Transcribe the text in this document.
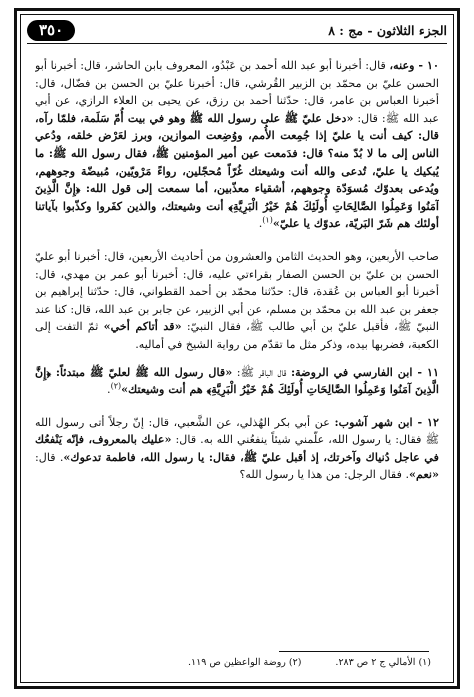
٣٥٠	الجزء الثلاثون - مج : ٨

١٠ - وعنه، قال: أخبرنا أبو عبد الله أحمد بن عَبْدُو، المعروف بابن الحاشر، قال: أخبرنا أبو الحسن عليّ بن محمّد بن الزبير القُرشي، قال: أخبرنا عليّ بن الحسن بن فضّال، قال: أخبرنا العباس بن عامر، قال: حدّثنا أحمد بن رزق، عن يحيى بن العلاء الرازي، عن أبي عبد الله ﷺ: قال: «دخل عليّ ﷺ على رسول الله ﷺ وهو في بيت أُمّ سَلَمة، فلمّا رآه، قال: كيف أنت يا عليّ إذا جُمِعت الأُمم، ووُضِعت الموازين، وبرز لعَرْض خلقه، ودُعي الناس إلى ما لا بُدّ منه؟ قال: فدَمعت عين أمير المؤمنين ﷺ، فقال رسول الله ﷺ: ما يُبكيك يا عليّ، تُدعى والله أنت وشيعتك غُرّاً مُحجّلين، رواءً مَرْويّين، مُبيضّة وجوههم، ويُدعى بعدوّك مُسوَدّة وجوههم، أشقياء معذّبين، أما سمعت إلى قول الله: ﴿إِنَّ الَّذِينَ آمَنُوا وَعَمِلُوا الصَّالِحَاتِ أُولَئِكَ هُمْ خَيْرُ الْبَرِيَّةِ﴾ أنت وشيعتك، والذين كفَروا وكذّبوا بآياتنا أولئك هم شَرّ البَريّة، عدوّك يا عليّ»$^{(١)}$.

صاحب الأربعين، وهو الحديث الثامن والعشرون من أحاديث الأربعين، قال: أخبرنا أبو عليّ الحسن بن عليّ بن الحسن الصفار بقراءتي عليه، قال: أخبرنا أبو عمر بن مهدي، قال: أخبرنا أبو العباس بن عُقدة، قال: حدّثنا محمّد بن أحمد القطواني، قال: حدّثنا إبراهيم بن جعفر بن عبد الله بن محمّد بن مسلم، عن أبي الزبير، عن جابر بن عبد الله، قال: كنا عند النبيّ ﷺ، فأقبل عليّ بن أبي طالب ﷺ، فقال النبيّ: «قد أتاكم أخي» ثمّ التفت إلى الكعبة، فضربها بيده، وذكر مثل ما تقدّم من رواية الشيخ في أماليه.

١١ - ابن الفارسي في الروضة: قال الباقر ﷺ: «قال رسول الله ﷺ لعليّ ﷺ مبتدئاً: ﴿إِنَّ الَّذِينَ آمَنُوا وَعَمِلُوا الصَّالِحَاتِ أُولَئِكَ هُمْ خَيْرُ الْبَرِيَّةِ﴾ هم أنت وشيعتك»$^{(٢)}$.

١٢ - ابن شهر آشوب: عن أبي بكر الهُذلي، عن الشَّعبي، قال: إنّ رجلاً أتى رسول الله ﷺ فقال: يا رسول الله، علّمني شيئاً ينفعُني الله به. قال: «عليك بالمعروف، فإنّه يَنْفعُك في عاجل دُنياك وآخرتك، إذ أقبل عليّ ﷺ، فقال: يا رسول الله، فاطمة تدعوك». قال: «نعم». فقال الرجل: من هذا يا رسول الله؟

(١) الأمالي ج ٢ ص ٢٨٣.
(٢) روضة الواعظين ص ١١٩.
